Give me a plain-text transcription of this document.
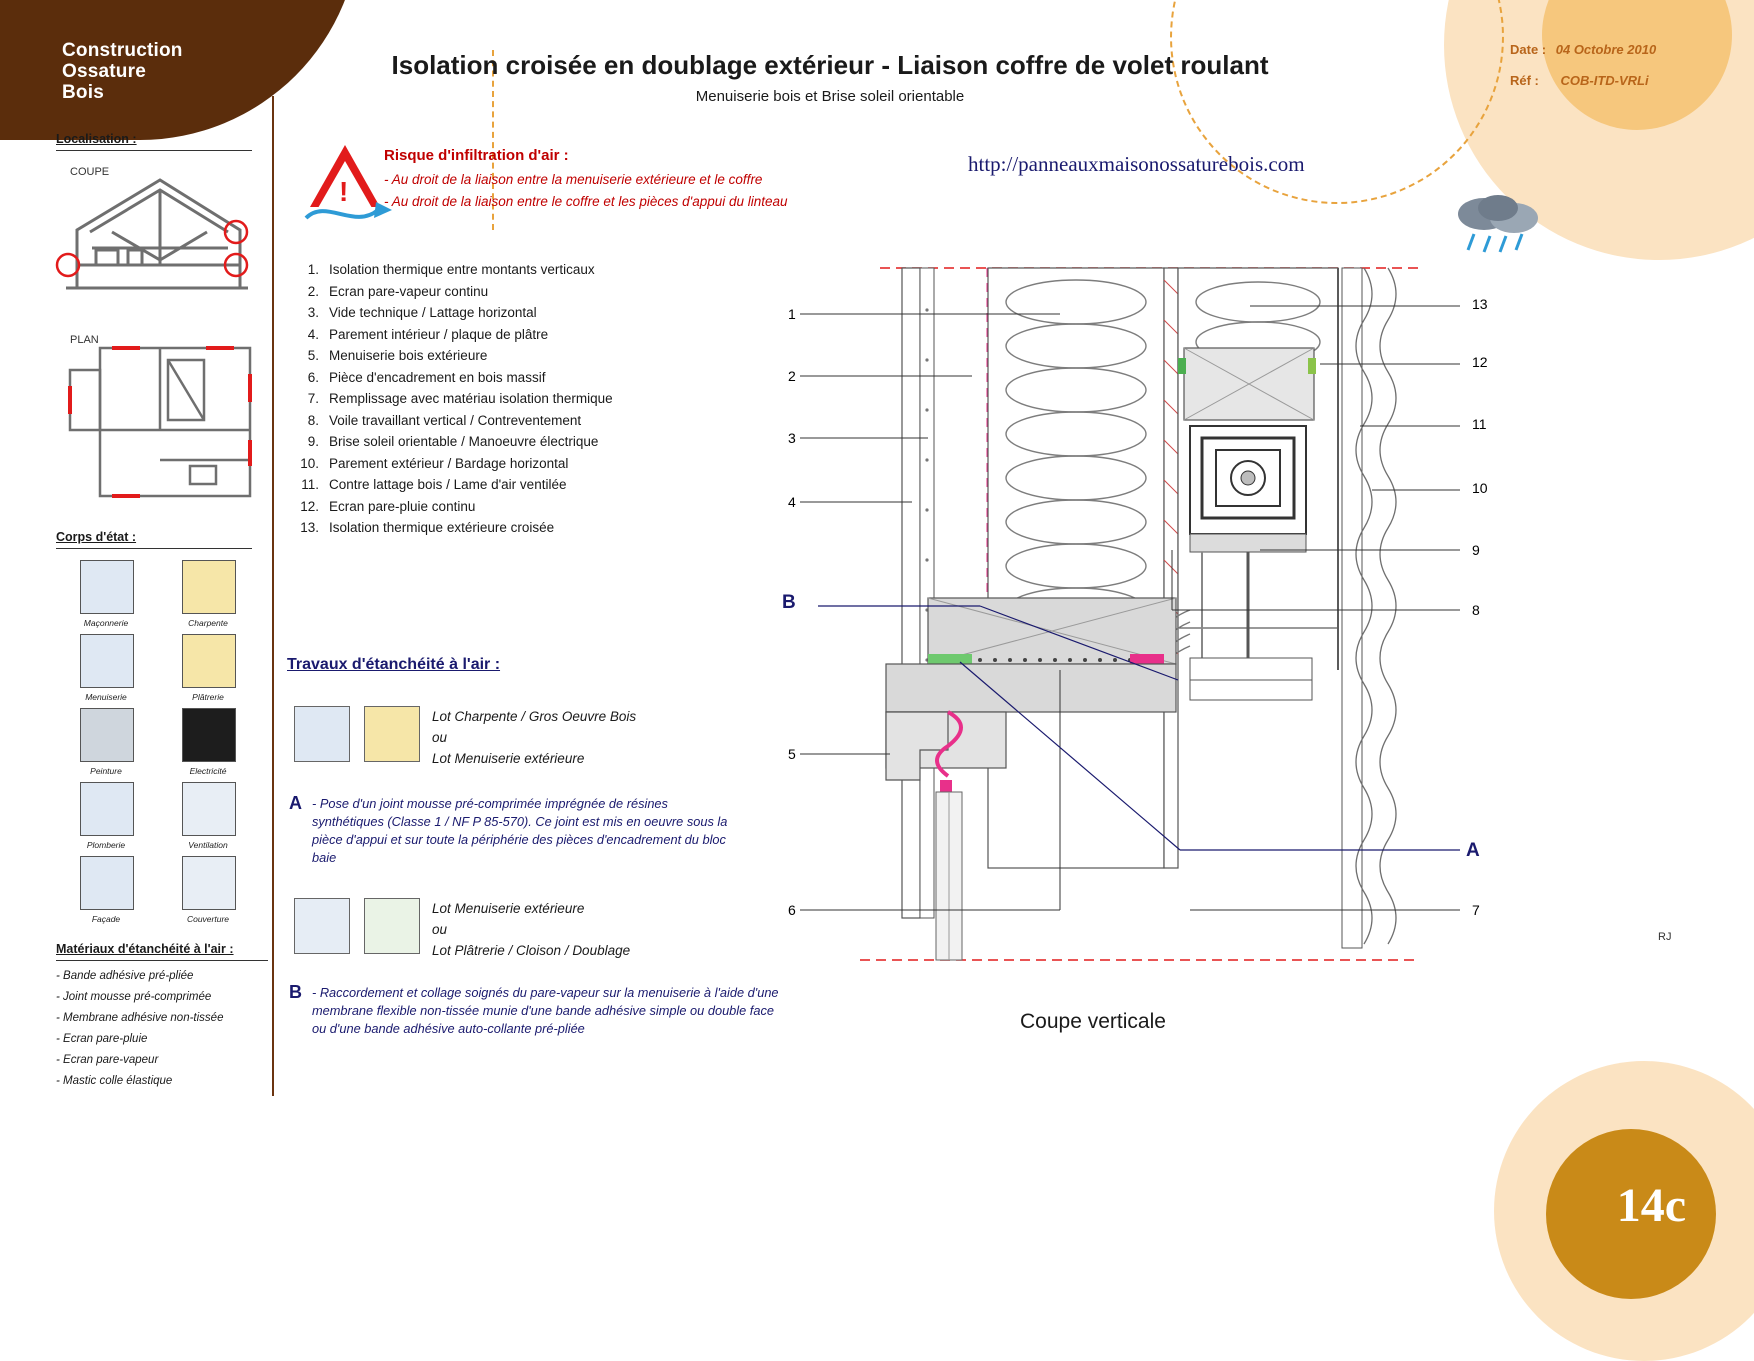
Construction
Ossature
Bois
14c
Isolation croisée en doublage extérieur - Liaison coffre de volet roulant
Menuiserie bois et Brise soleil orientable
Date : 04 Octobre 2010
Réf : COB-ITD-VRLi
!
Risque d'infiltration d'air :
- Au droit de la liaison entre la menuiserie extérieure et le coffre
- Au droit de la liaison entre le coffre et les pièces d'appui du linteau
http://panneauxmaisonossaturebois.com
1. Isolation thermique entre montants verticaux
2. Ecran pare-vapeur continu
3. Vide technique / Lattage horizontal
4. Parement intérieur / plaque de plâtre
5. Menuiserie bois extérieure
6. Pièce d'encadrement en bois massif
7. Remplissage avec matériau isolation thermique
8. Voile travaillant vertical / Contreventement
9. Brise soleil orientable / Manoeuvre électrique
10. Parement extérieur / Bardage horizontal
11. Contre lattage bois / Lame d'air ventilée
12. Ecran pare-pluie continu
13. Isolation thermique extérieure croisée
Localisation :
COUPE
PLAN
Corps d'état :
Maçonnerie	Charpente
Menuiserie	Plâtrerie
Peinture	Electricité
Plomberie	Ventilation
Façade	Couverture
Matériaux d'étanchéité à l'air :
- Bande adhésive pré-pliée
- Joint mousse pré-comprimée
- Membrane adhésive non-tissée
- Ecran pare-pluie
- Ecran pare-vapeur
- Mastic colle élastique
Travaux d'étanchéité à l'air :
Lot Charpente / Gros Oeuvre Bois
ou
Lot Menuiserie extérieure
A - Pose d'un joint mousse pré-comprimée imprégnée de résines synthétiques (Classe 1 / NF P 85-570). Ce joint est mis en oeuvre sous la pièce d'appui et sur toute la périphérie des pièces d'encadrement du bloc baie
Lot Menuiserie extérieure
ou
Lot Plâtrerie / Cloison / Doublage
B - Raccordement et collage soignés du pare-vapeur sur la menuiserie à l'aide d'une membrane flexible non-tissée munie d'une bande adhésive simple ou double face ou d'une bande adhésive auto-collante pré-pliée
RJ
1
2
3
4
5
6
13
12
11
10
9
8
7
B
A
Coupe verticale
